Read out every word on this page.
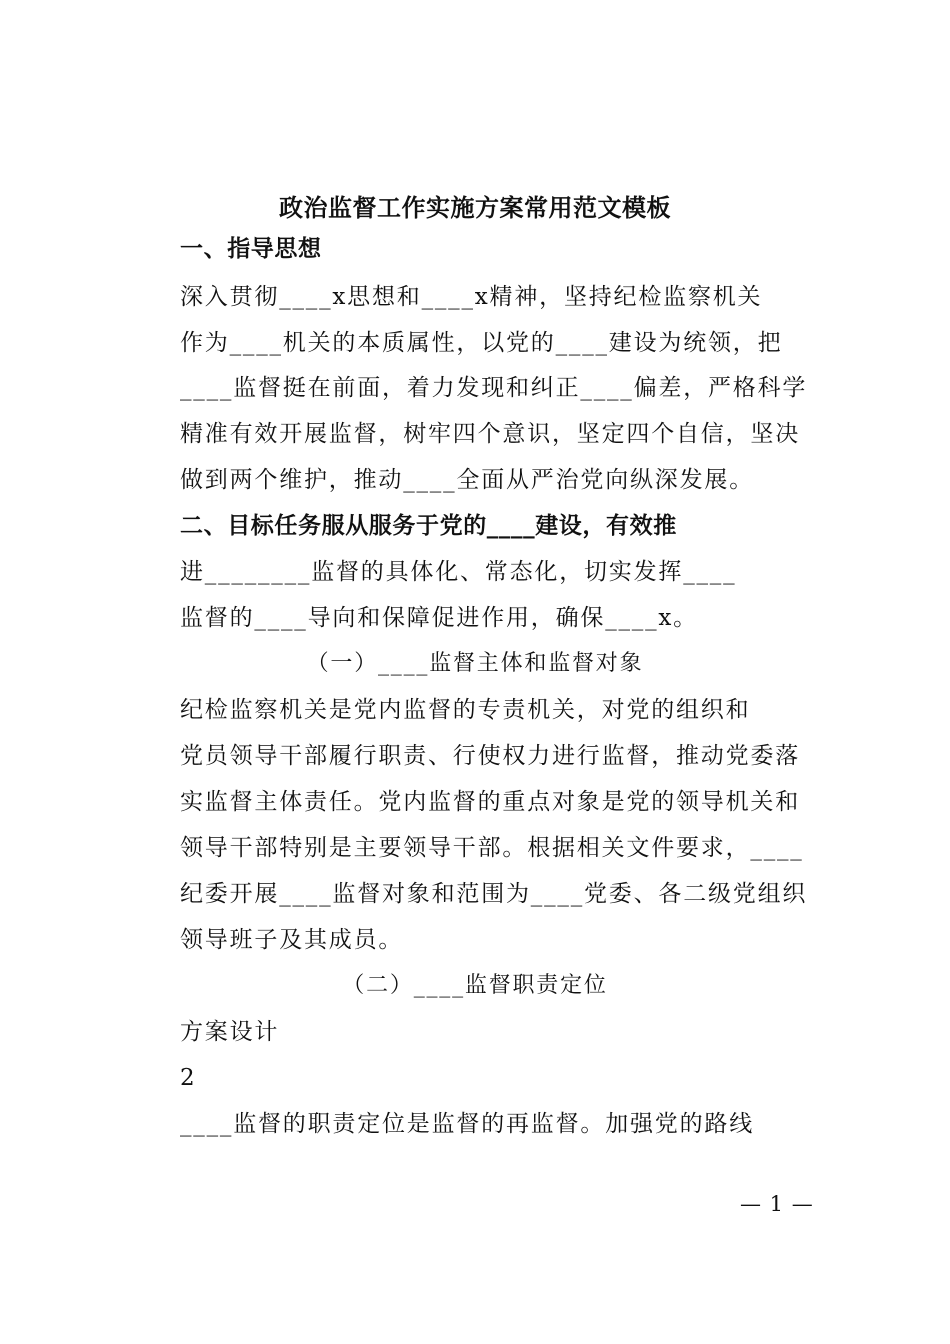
政治监督工作实施方案常用范文模板
一、指导思想
深入贯彻____x思想和____x精神，坚持纪检监察机关
作为____机关的本质属性，以党的____建设为统领，把
____监督挺在前面，着力发现和纠正____偏差，严格科学
精准有效开展监督，树牢四个意识，坚定四个自信，坚决
做到两个维护，推动____全面从严治党向纵深发展。
二、目标任务服从服务于党的____建设，有效推
进________监督的具体化、常态化，切实发挥____
监督的____导向和保障促进作用，确保____x。
（一）____监督主体和监督对象
纪检监察机关是党内监督的专责机关，对党的组织和
党员领导干部履行职责、行使权力进行监督，推动党委落
实监督主体责任。党内监督的重点对象是党的领导机关和
领导干部特别是主要领导干部。根据相关文件要求，____
纪委开展____监督对象和范围为____党委、各二级党组织
领导班子及其成员。
（二）____监督职责定位
方案设计
2
____监督的职责定位是监督的再监督。加强党的路线
— 1 —
